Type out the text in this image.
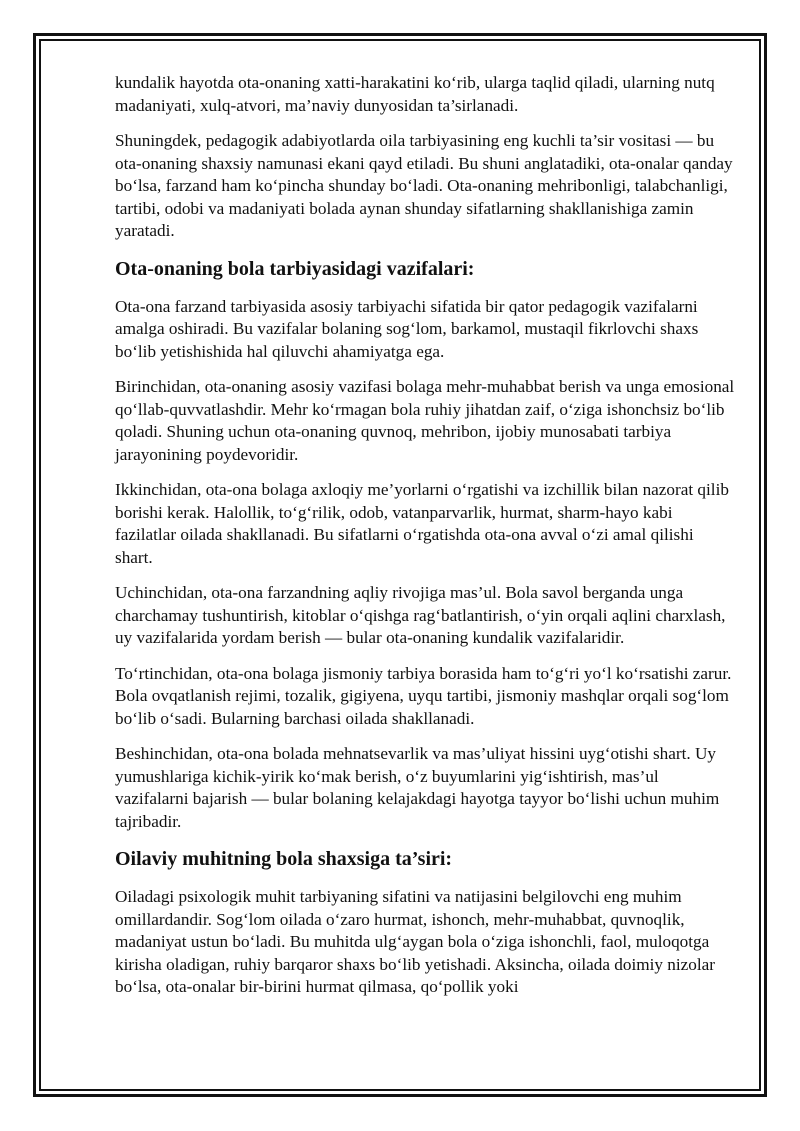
kundalik hayotda ota-onaning xatti-harakatini ko‘rib, ularga taqlid qiladi, ularning nutq madaniyati, xulq-atvori, ma’naviy dunyosidan ta’sirlanadi.

Shuningdek, pedagogik adabiyotlarda oila tarbiyasining eng kuchli ta’sir vositasi — bu ota-onaning shaxsiy namunasi ekani qayd etiladi. Bu shuni anglatadiki, ota-onalar qanday bo‘lsa, farzand ham ko‘pincha shunday bo‘ladi. Ota-onaning mehribonligi, talabchanligi, tartibi, odobi va madaniyati bolada aynan shunday sifatlarning shakllanishiga zamin yaratadi.

Ota-onaning bola tarbiyasidagi vazifalari:

Ota-ona farzand tarbiyasida asosiy tarbiyachi sifatida bir qator pedagogik vazifalarni amalga oshiradi. Bu vazifalar bolaning sog‘lom, barkamol, mustaqil fikrlovchi shaxs bo‘lib yetishishida hal qiluvchi ahamiyatga ega.

Birinchidan, ota-onaning asosiy vazifasi bolaga mehr-muhabbat berish va unga emosional qo‘llab-quvvatlashdir. Mehr ko‘rmagan bola ruhiy jihatdan zaif, o‘ziga ishonchsiz bo‘lib qoladi. Shuning uchun ota-onaning quvnoq, mehribon, ijobiy munosabati tarbiya jarayonining poydevoridir.

Ikkinchidan, ota-ona bolaga axloqiy me’yorlarni o‘rgatishi va izchillik bilan nazorat qilib borishi kerak. Halollik, to‘g‘rilik, odob, vatanparvarlik, hurmat, sharm-hayo kabi fazilatlar oilada shakllanadi. Bu sifatlarni o‘rgatishda ota-ona avval o‘zi amal qilishi shart.

Uchinchidan, ota-ona farzandning aqliy rivojiga mas’ul. Bola savol berganda unga charchamay tushuntirish, kitoblar o‘qishga rag‘batlantirish, o‘yin orqali aqlini charxlash, uy vazifalarida yordam berish — bular ota-onaning kundalik vazifalaridir.

To‘rtinchidan, ota-ona bolaga jismoniy tarbiya borasida ham to‘g‘ri yo‘l ko‘rsatishi zarur. Bola ovqatlanish rejimi, tozalik, gigiyena, uyqu tartibi, jismoniy mashqlar orqali sog‘lom bo‘lib o‘sadi. Bularning barchasi oilada shakllanadi.

Beshinchidan, ota-ona bolada mehnatsevarlik va mas’uliyat hissini uyg‘otishi shart. Uy yumushlariga kichik-yirik ko‘mak berish, o‘z buyumlarini yig‘ishtirish, mas’ul vazifalarni bajarish — bular bolaning kelajakdagi hayotga tayyor bo‘lishi uchun muhim tajribadir.

Oilaviy muhitning bola shaxsiga ta’siri:

Oiladagi psixologik muhit tarbiyaning sifatini va natijasini belgilovchi eng muhim omillardandir. Sog‘lom oilada o‘zaro hurmat, ishonch, mehr-muhabbat, quvnoqlik, madaniyat ustun bo‘ladi. Bu muhitda ulg‘aygan bola o‘ziga ishonchli, faol, muloqotga kirisha oladigan, ruhiy barqaror shaxs bo‘lib yetishadi. Aksincha, oilada doimiy nizolar bo‘lsa, ota-onalar bir-birini hurmat qilmasa, qo‘pollik yoki
